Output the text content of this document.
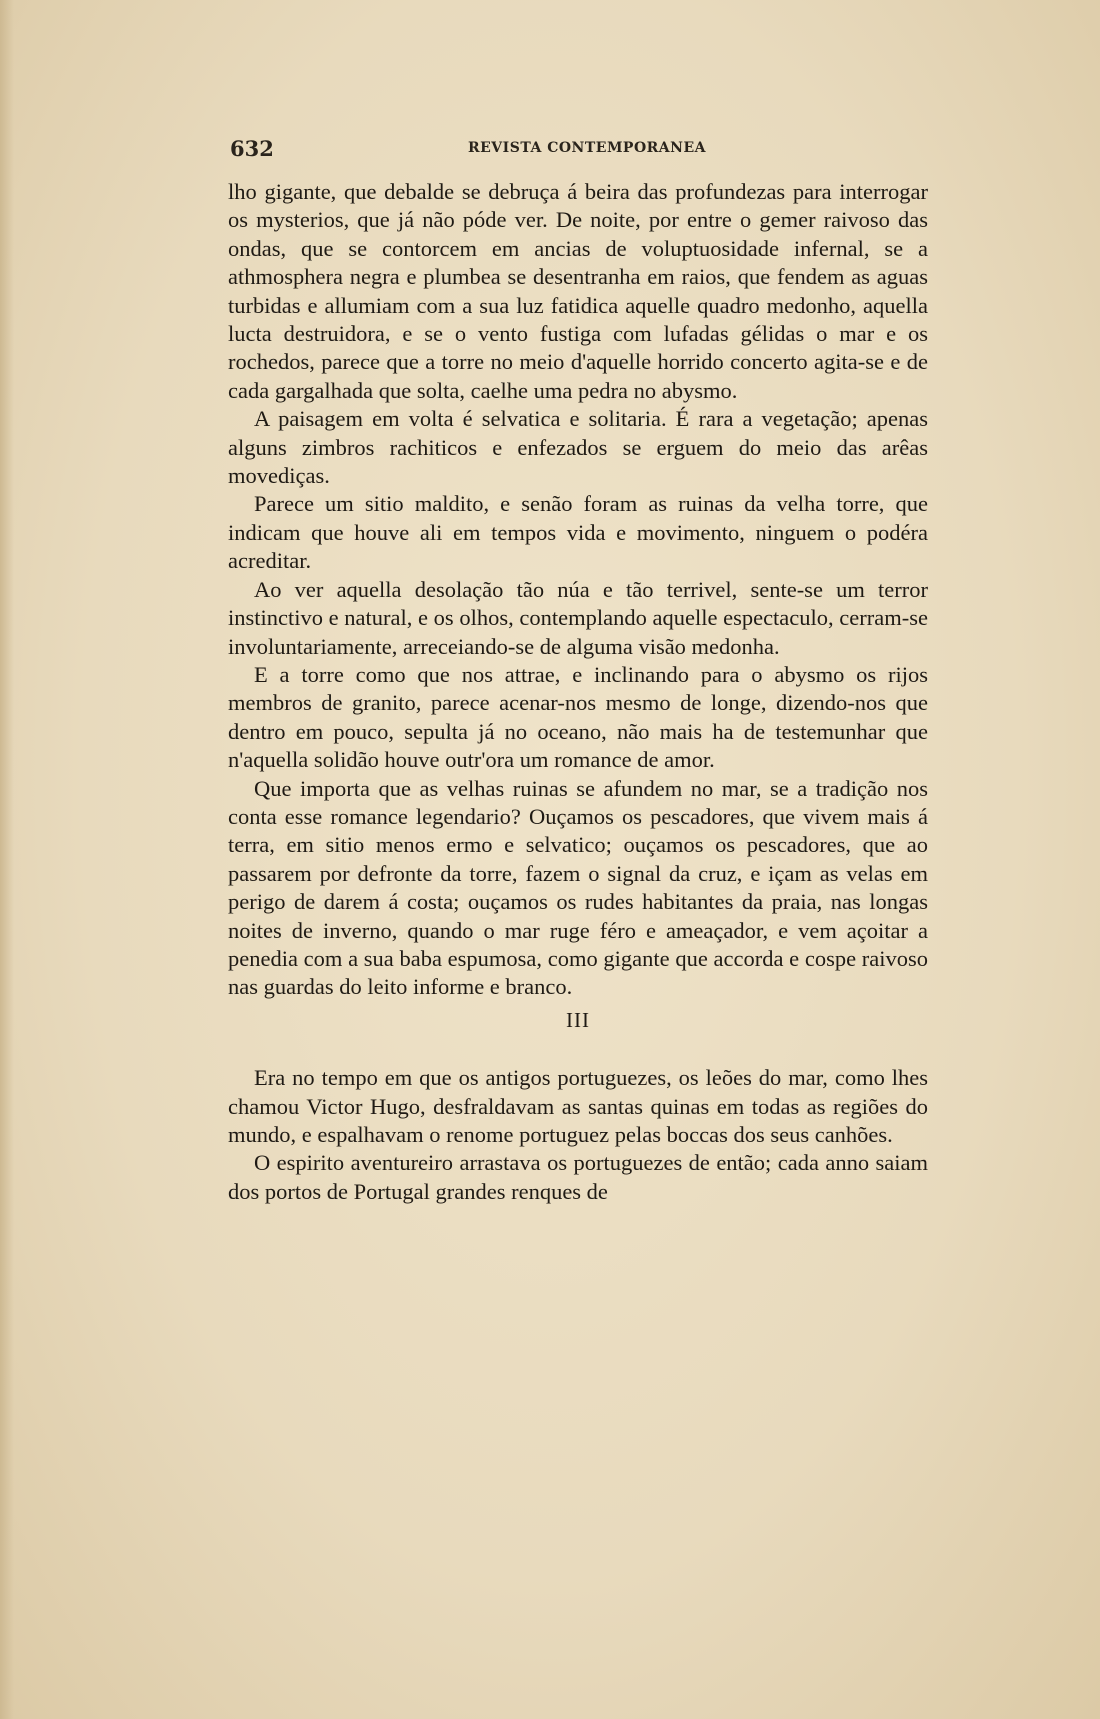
632	REVISTA CONTEMPORANEA

lho gigante, que debalde se debruça á beira das profundezas para interrogar os mysterios, que já não póde ver. De noite, por entre o gemer raivoso das ondas, que se contorcem em ancias de voluptuosidade infernal, se a athmosphera negra e plumbea se desentranha em raios, que fendem as aguas turbidas e allumiam com a sua luz fatidica aquelle quadro medonho, aquella lucta destruidora, e se o vento fustiga com lufadas gélidas o mar e os rochedos, parece que a torre no meio d'aquelle horrido concerto agita-se e de cada gargalhada que solta, caelhe uma pedra no abysmo.

A paisagem em volta é selvatica e solitaria. É rara a vegetação; apenas alguns zimbros rachiticos e enfezados se erguem do meio das arêas movediças.

Parece um sitio maldito, e senão foram as ruinas da velha torre, que indicam que houve ali em tempos vida e movimento, ninguem o podéra acreditar.

Ao ver aquella desolação tão núa e tão terrivel, sente-se um terror instinctivo e natural, e os olhos, contemplando aquelle espectaculo, cerram-se involuntariamente, arreceiando-se de alguma visão medonha.

E a torre como que nos attrae, e inclinando para o abysmo os rijos membros de granito, parece acenar-nos mesmo de longe, dizendo-nos que dentro em pouco, sepulta já no oceano, não mais ha de testemunhar que n'aquella solidão houve outr'ora um romance de amor.

Que importa que as velhas ruinas se afundem no mar, se a tradição nos conta esse romance legendario? Ouçamos os pescadores, que vivem mais á terra, em sitio menos ermo e selvatico; ouçamos os pescadores, que ao passarem por defronte da torre, fazem o signal da cruz, e içam as velas em perigo de darem á costa; ouçamos os rudes habitantes da praia, nas longas noites de inverno, quando o mar ruge féro e ameaçador, e vem açoitar a penedia com a sua baba espumosa, como gigante que accorda e cospe raivoso nas guardas do leito informe e branco.

III

Era no tempo em que os antigos portuguezes, os leões do mar, como lhes chamou Victor Hugo, desfraldavam as santas quinas em todas as regiões do mundo, e espalhavam o renome portuguez pelas boccas dos seus canhões.

O espirito aventureiro arrastava os portuguezes de então; cada anno saiam dos portos de Portugal grandes renques de
